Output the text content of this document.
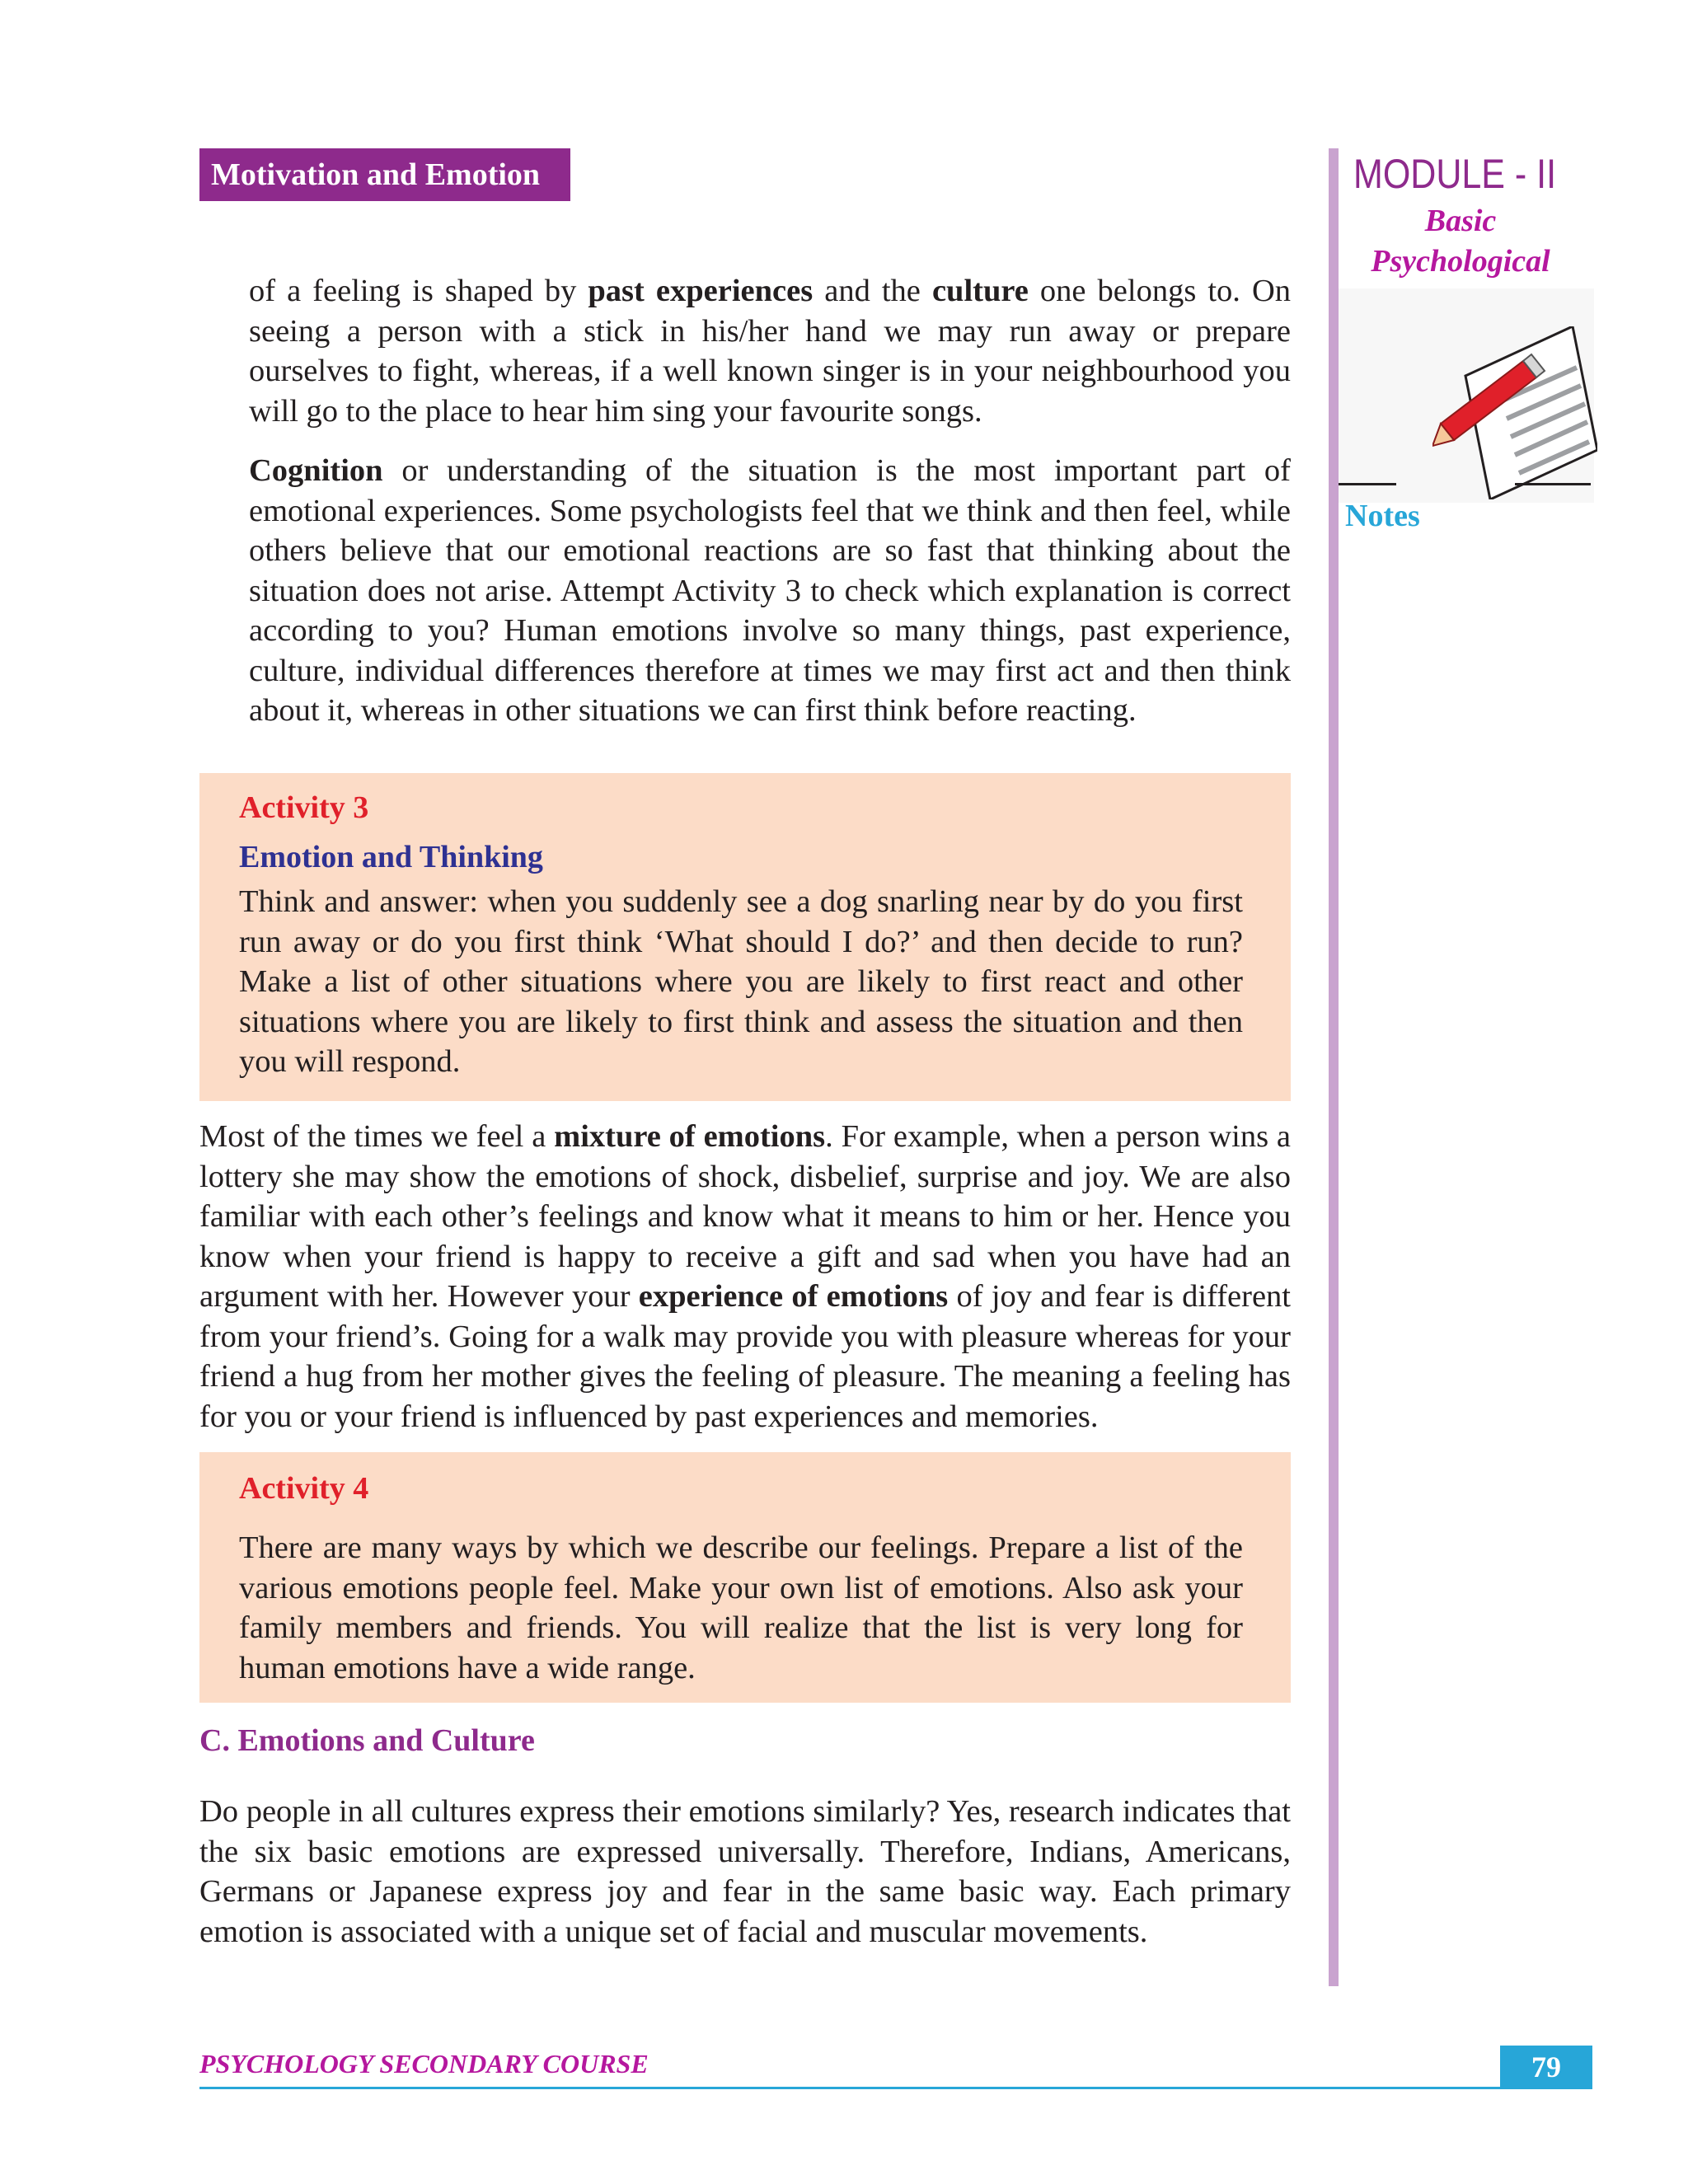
Motivation and Emotion	MODULE - II
Basic
Psychological
Notes

of a feeling is shaped by past experiences and the culture one belongs to. On seeing a person with a stick in his/her hand we may run away or prepare ourselves to fight, whereas, if a well known singer is in your neighbourhood you will go to the place to hear him sing your favourite songs.

Cognition or understanding of the situation is the most important part of emotional experiences. Some psychologists feel that we think and then feel, while others believe that our emotional reactions are so fast that thinking about the situation does not arise. Attempt Activity 3 to check which explanation is correct according to you? Human emotions involve so many things, past experience, culture, individual differences therefore at times we may first act and then think about it, whereas in other situations we can first think before reacting.

Activity 3
Emotion and Thinking

Think and answer: when you suddenly see a dog snarling near by do you first run away or do you first think ‘What should I do?’ and then decide to run? Make a list of other situations where you are likely to first react and other situations where you are likely to first think and assess the situation and then you will respond.

Most of the times we feel a mixture of emotions. For example, when a person wins a lottery she may show the emotions of shock, disbelief, surprise and joy. We are also familiar with each other’s feelings and know what it means to him or her. Hence you know when your friend is happy to receive a gift and sad when you have had an argument with her. However your experience of emotions of joy and fear is different from your friend’s. Going for a walk may provide you with pleasure whereas for your friend a hug from her mother gives the feeling of pleasure. The meaning a feeling has for you or your friend is influenced by past experiences and memories.

Activity 4

There are many ways by which we describe our feelings. Prepare a list of the various emotions people feel. Make your own list of emotions. Also ask your family members and friends. You will realize that the list is very long for human emotions have a wide range.

C. Emotions and Culture

Do people in all cultures express their emotions similarly? Yes, research indicates that the six basic emotions are expressed universally. Therefore, Indians, Americans, Germans or Japanese express joy and fear in the same basic way. Each primary emotion is associated with a unique set of facial and muscular movements.

PSYCHOLOGY SECONDARY COURSE	79
